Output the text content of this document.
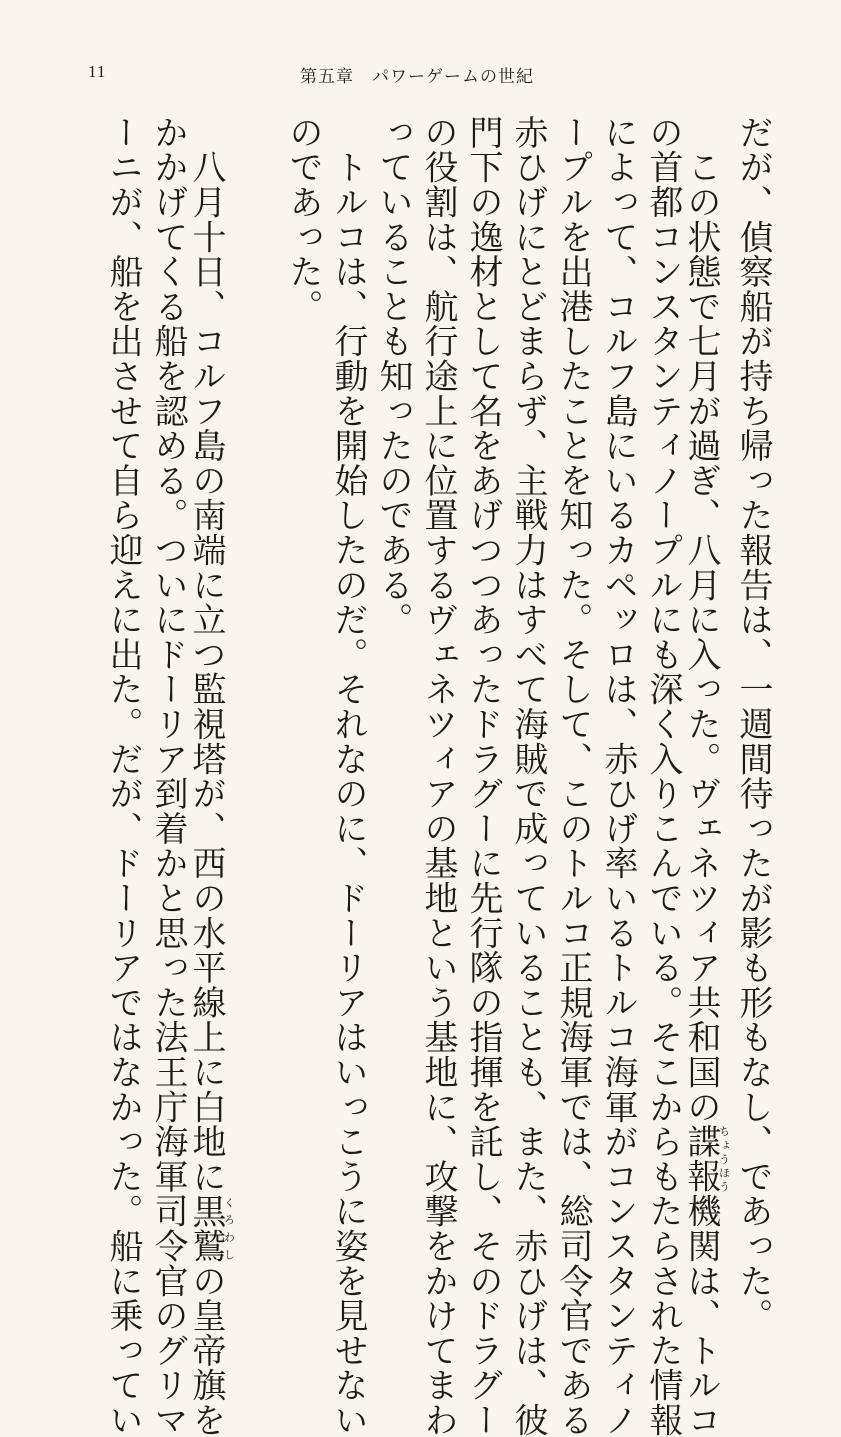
11	第五章　パワーゲームの世紀
だが、偵察船が持ち帰った報告は、一週間待ったが影も形もなし、であった。
　この状態で七月が過ぎ、八月に入った。ヴェネツィア共和国の諜報ちょうほう機関は、トルコ
の首都コンスタンティノープルにも深く入りこんでいる。そこからもたらされた情報
によって、コルフ島にいるカペッロは、赤ひげ率いるトルコ海軍がコンスタンティノ
ープルを出港したことを知った。そして、このトルコ正規海軍では、総司令官である
赤ひげにとどまらず、主戦力はすべて海賊で成っていることも、また、赤ひげは、彼
門下の逸材として名をあげつつあったドラグーに先行隊の指揮を託し、そのドラグー
の役割は、航行途上に位置するヴェネツィアの基地という基地に、攻撃をかけてまわ
っていることも知ったのである。
　トルコは、行動を開始したのだ。それなのに、ドーリアはいっこうに姿を見せない
のであった。
　八月十日、コルフ島の南端に立つ監視塔が、西の水平線上に白地に黒鷲くろわしの皇帝旗を
かかげてくる船を認める。ついにドーリア到着かと思った法王庁海軍司令官のグリマ
ーニが、船を出させて自ら迎えに出た。だが、ドーリアではなかった。船に乗ってい
